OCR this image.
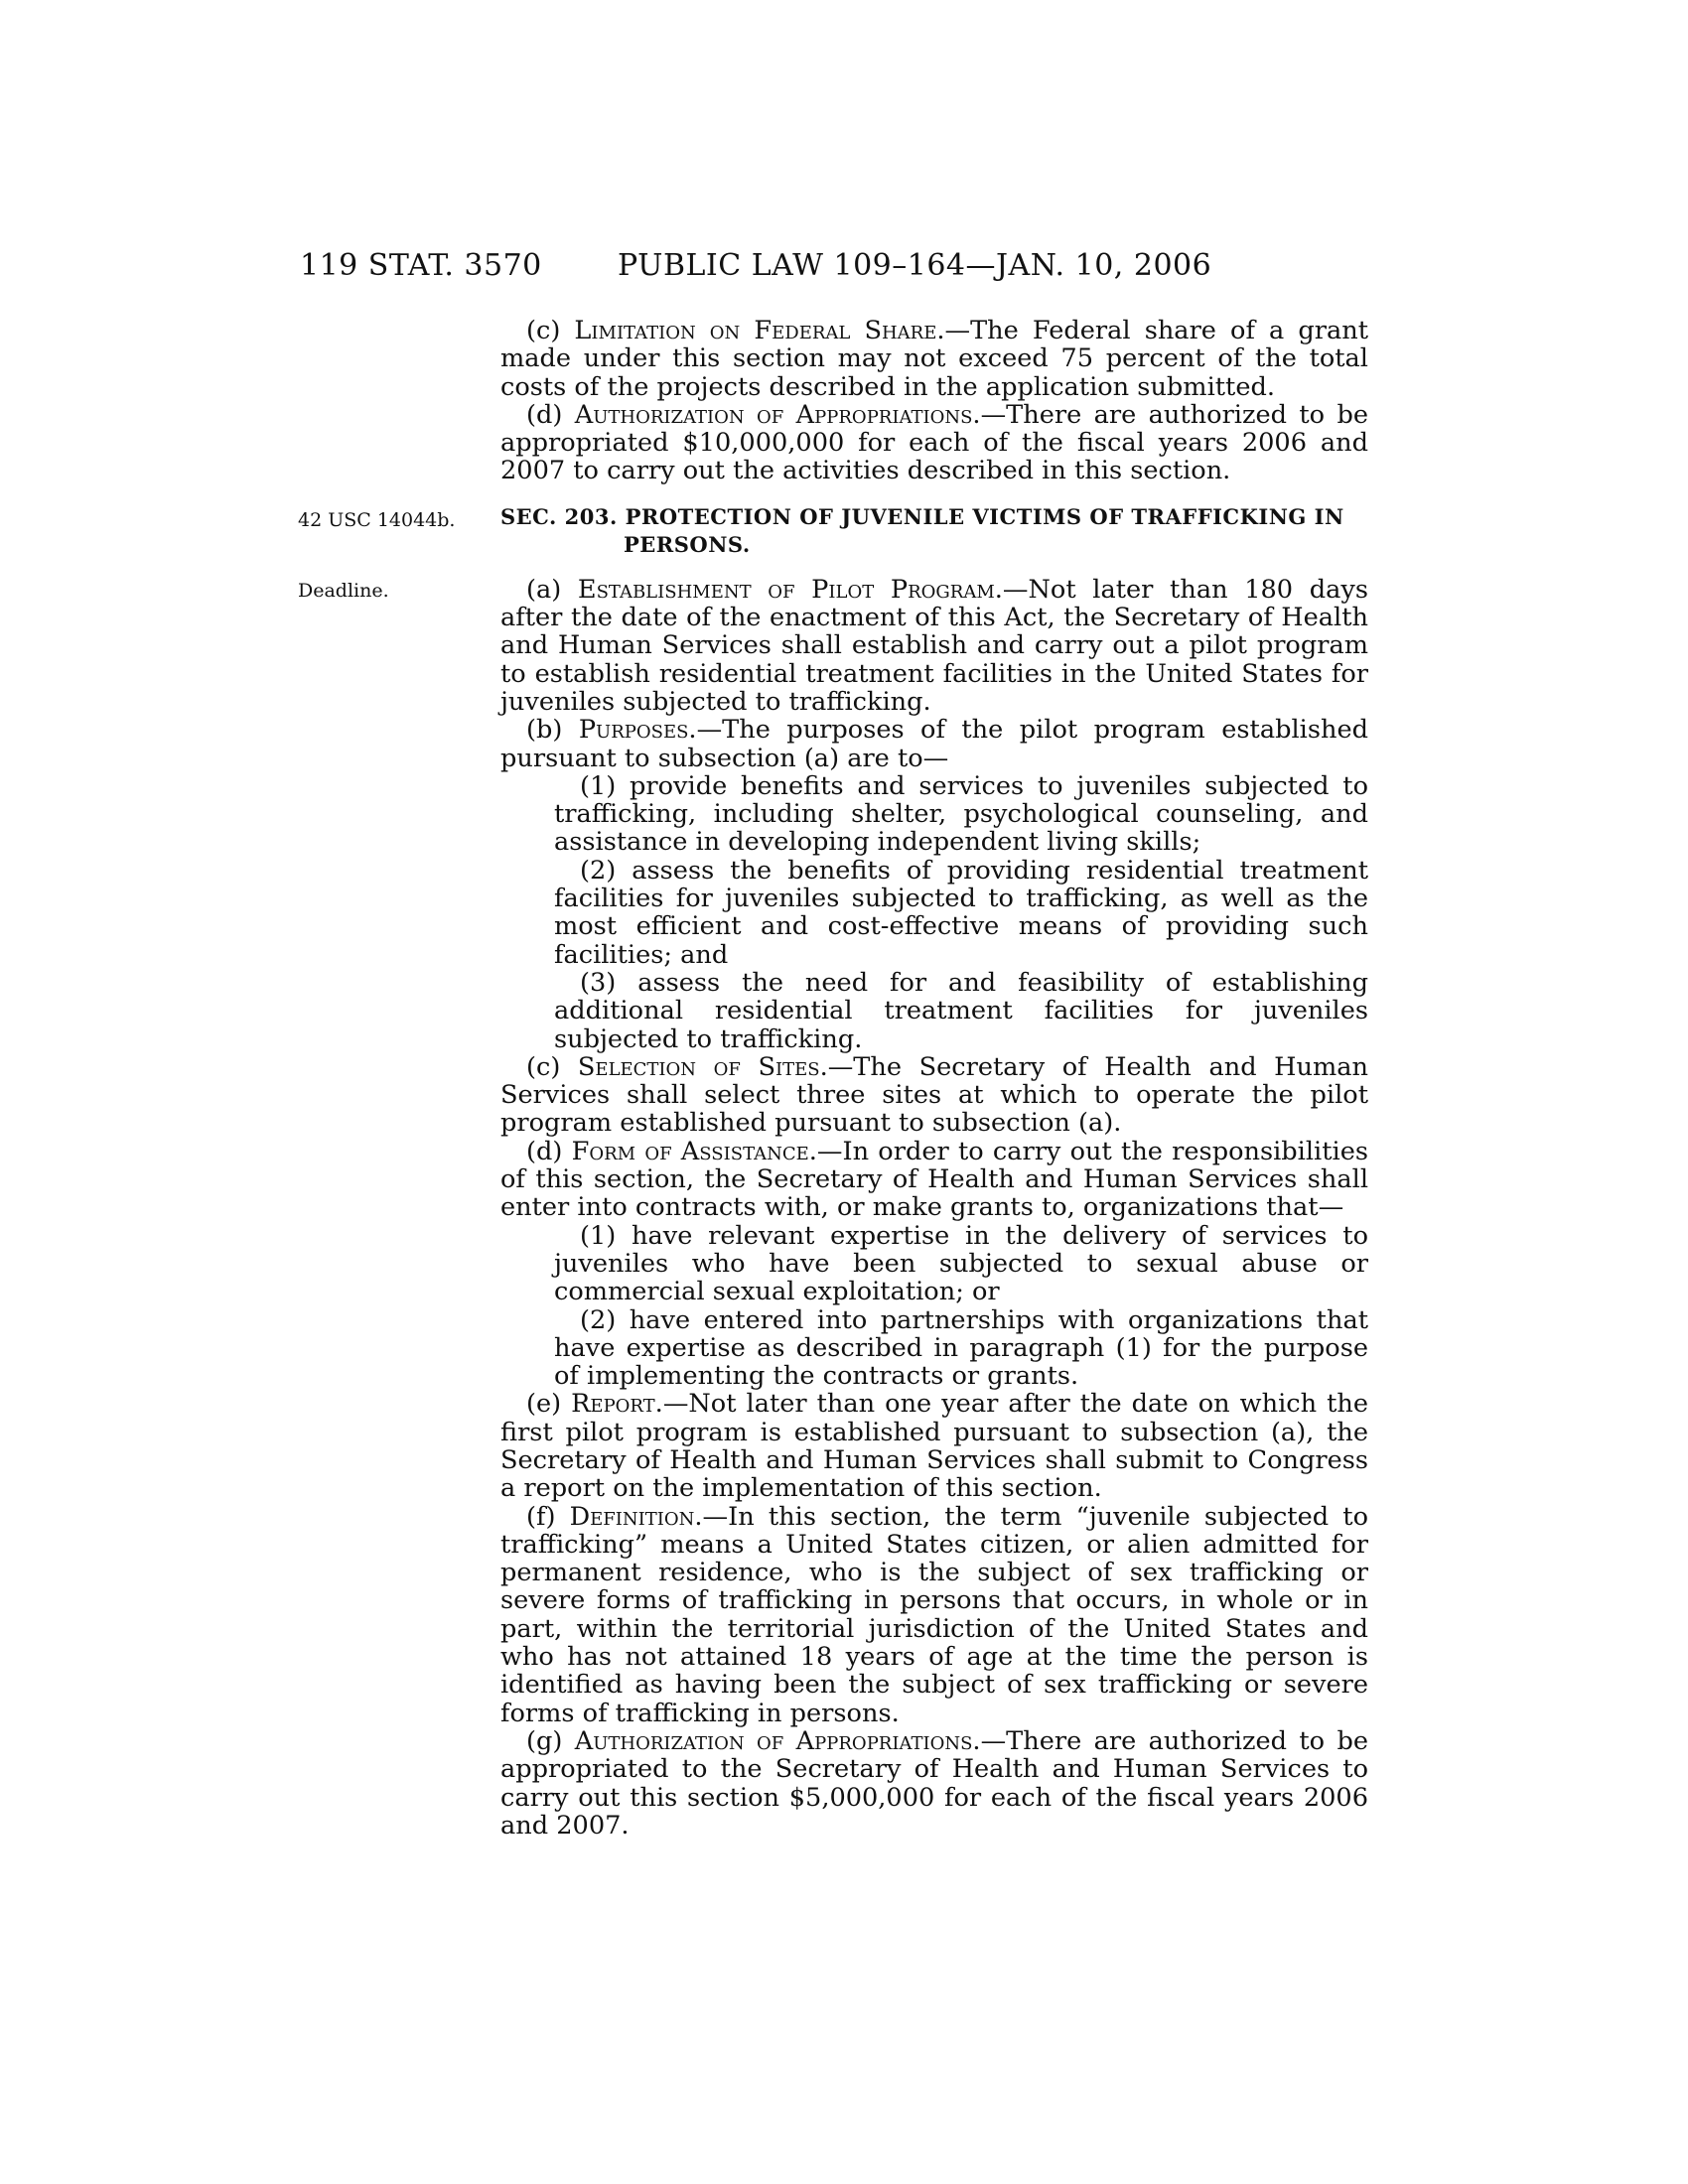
119 STAT. 3570	PUBLIC LAW 109–164—JAN. 10, 2006
42 USC 14044b.
Deadline.

(c) Limitation on Federal Share.—The Federal share of a grant made under this section may not exceed 75 percent of the total costs of the projects described in the application submitted.

(d) Authorization of Appropriations.—There are authorized to be appropriated $10,000,000 for each of the fiscal years 2006 and 2007 to carry out the activities described in this section.

SEC. 203. PROTECTION OF JUVENILE VICTIMS OF TRAFFICKING IN
PERSONS.

(a) Establishment of Pilot Program.—Not later than 180 days after the date of the enactment of this Act, the Secretary of Health and Human Services shall establish and carry out a pilot program to establish residential treatment facilities in the United States for juveniles subjected to trafficking.

(b) Purposes.—The purposes of the pilot program established pursuant to subsection (a) are to—

(1) provide benefits and services to juveniles subjected to trafficking, including shelter, psychological counseling, and assistance in developing independent living skills;

(2) assess the benefits of providing residential treatment facilities for juveniles subjected to trafficking, as well as the most efficient and cost-effective means of providing such facilities; and

(3) assess the need for and feasibility of establishing additional residential treatment facilities for juveniles subjected to trafficking.

(c) Selection of Sites.—The Secretary of Health and Human Services shall select three sites at which to operate the pilot program established pursuant to subsection (a).

(d) Form of Assistance.—In order to carry out the responsibilities of this section, the Secretary of Health and Human Services shall enter into contracts with, or make grants to, organizations that—

(1) have relevant expertise in the delivery of services to juveniles who have been subjected to sexual abuse or commercial sexual exploitation; or

(2) have entered into partnerships with organizations that have expertise as described in paragraph (1) for the purpose of implementing the contracts or grants.

(e) Report.—Not later than one year after the date on which the first pilot program is established pursuant to subsection (a), the Secretary of Health and Human Services shall submit to Congress a report on the implementation of this section.

(f) Definition.—In this section, the term “juvenile subjected to trafficking” means a United States citizen, or alien admitted for permanent residence, who is the subject of sex trafficking or severe forms of trafficking in persons that occurs, in whole or in part, within the territorial jurisdiction of the United States and who has not attained 18 years of age at the time the person is identified as having been the subject of sex trafficking or severe forms of trafficking in persons.

(g) Authorization of Appropriations.—There are authorized to be appropriated to the Secretary of Health and Human Services to carry out this section $5,000,000 for each of the fiscal years 2006 and 2007.
